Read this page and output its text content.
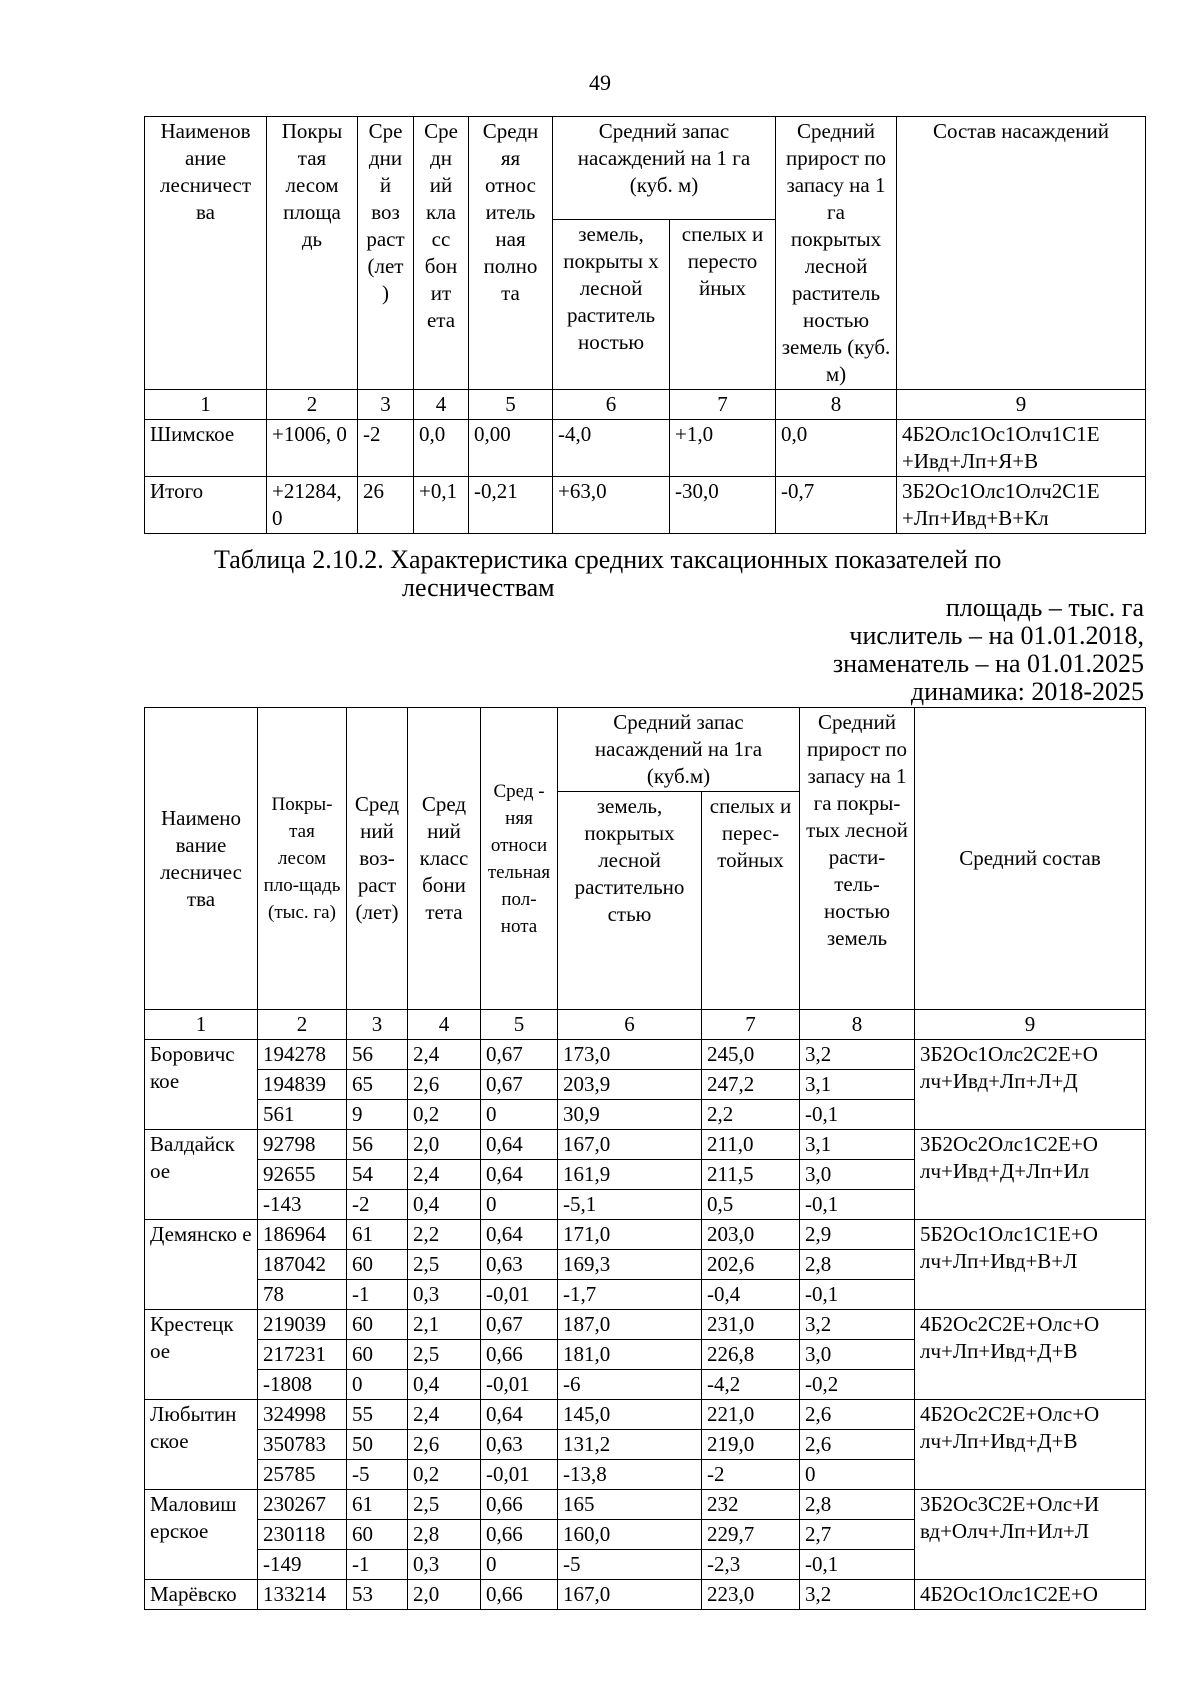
49
Наименов ание лесничест ва	Покры тая лесом площа дь	Сре дни й воз раст (лет )	Сре дн ий кла сс бон ит ета	Средн яя относ итель ная полно та	Средний запас насаждений на 1 га (куб. м)		Средний прирост по запасу на 1 га покрытых лесной раститель ностью земель (куб. м)	Состав насаждений
					земель, покрыты х лесной раститель ностью	спелых и пересто йных		
1	2	3	4	5	6	7	8	9
Шимское	+1006, 0	-2	0,0	0,00	-4,0	+1,0	0,0	4Б2Олс1Ос1Олч1С1Е +Ивд+Лп+Я+В
Итого	+21284, 0	26	+0,1	-0,21	+63,0	-30,0	-0,7	3Б2Ос1Олс1Олч2С1Е +Лп+Ивд+В+Кл
Таблица 2.10.2. Характеристика средних таксационных показателей по
лесничествам
площадь – тыс. га
числитель – на 01.01.2018,
знаменатель – на 01.01.2025
динамика: 2018-2025
Наимено вание лесничес тва	Покры- тая лесом пло-щадь (тыс. га)	Сред ний воз- раст (лет)	Сред ний класс бони тета	Сред - няя относи тельная пол- нота	Средний запас насаждений на 1га (куб.м)		Средний прирост по запасу на 1 га покры- тых лесной расти- тель- ностью земель	Средний состав
					земель, покрытых лесной растительно стью	спелых и перес- тойных		
1	2	3	4	5	6	7	8	9
Боровичс кое	194278	56	2,4	0,67	173,0	245,0	3,2	3Б2Ос1Олс2С2Е+О лч+Ивд+Лп+Л+Д
	194839	65	2,6	0,67	203,9	247,2	3,1	
	561	9	0,2	0	30,9	2,2	-0,1	
Валдайск ое	92798	56	2,0	0,64	167,0	211,0	3,1	3Б2Ос2Олс1С2Е+О лч+Ивд+Д+Лп+Ил
	92655	54	2,4	0,64	161,9	211,5	3,0	
	-143	-2	0,4	0	-5,1	0,5	-0,1	
Демянско е	186964	61	2,2	0,64	171,0	203,0	2,9	5Б2Ос1Олс1С1Е+О лч+Лп+Ивд+В+Л
	187042	60	2,5	0,63	169,3	202,6	2,8	
	78	-1	0,3	-0,01	-1,7	-0,4	-0,1	
Крестецк ое	219039	60	2,1	0,67	187,0	231,0	3,2	4Б2Ос2С2Е+Олс+О лч+Лп+Ивд+Д+В
	217231	60	2,5	0,66	181,0	226,8	3,0	
	-1808	0	0,4	-0,01	-6	-4,2	-0,2	
Любытин ское	324998	55	2,4	0,64	145,0	221,0	2,6	4Б2Ос2С2Е+Олс+О лч+Лп+Ивд+Д+В
	350783	50	2,6	0,63	131,2	219,0	2,6	
	25785	-5	0,2	-0,01	-13,8	-2	0	
Маловиш ерское	230267	61	2,5	0,66	165	232	2,8	3Б2Ос3С2Е+Олс+И вд+Олч+Лп+Ил+Л
	230118	60	2,8	0,66	160,0	229,7	2,7	
	-149	-1	0,3	0	-5	-2,3	-0,1	
Марёвско	133214	53	2,0	0,66	167,0	223,0	3,2	4Б2Ос1Олс1С2Е+О
